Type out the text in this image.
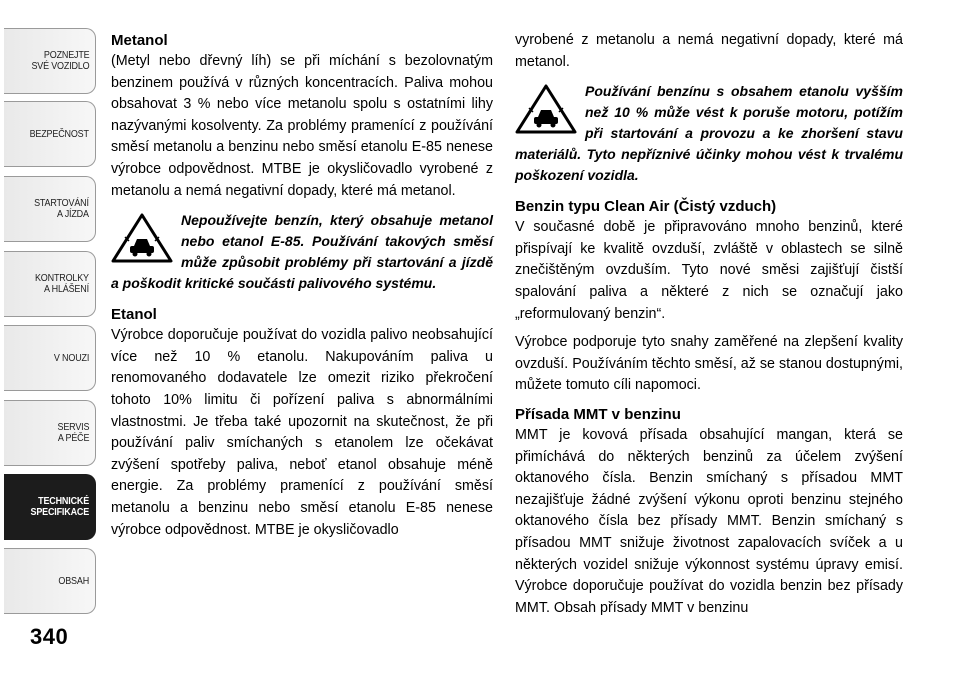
POZNEJTE
SVÉ VOZIDLO
BEZPEČNOST
STARTOVÁNÍ
A JÍZDA
KONTROLKY
A HLÁŠENÍ
V NOUZI
SERVIS
A PÉČE
TECHNICKÉ
SPECIFIKACE
OBSAH
340
Metanol

(Metyl nebo dřevný líh) se při míchání s bezolovnatým benzinem používá v různých koncentracích. Paliva mohou obsahovat 3 % nebo více metanolu spolu s ostatními lihy nazývanými kosolventy. Za problémy pramenící z používání směsí metanolu a benzinu nebo směsí etanolu E-85 nenese výrobce odpovědnost. MTBE je okysličovadlo vyrobené z metanolu a nemá negativní dopady, které má metanol.

Nepoužívejte benzín, který obsahuje metanol nebo etanol E-85. Používání takových směsí může způsobit problémy při startování a jízdě a poškodit kritické součásti palivového systému.

Etanol

Výrobce doporučuje používat do vozidla palivo neobsahující více než 10 % etanolu. Nakupováním paliva u renomovaného dodavatele lze omezit riziko překročení tohoto 10% limitu či pořízení paliva s abnormálními vlastnostmi. Je třeba také upozornit na skutečnost, že při používání paliv smíchaných s etanolem lze očekávat zvýšení spotřeby paliva, neboť etanol obsahuje méně energie. Za problémy pramenící z používání směsí metanolu a benzinu nebo směsí etanolu E-85 nenese výrobce odpovědnost. MTBE je okysličovadlo

vyrobené z metanolu a nemá negativní dopady, které má metanol.

Používání benzínu s obsahem etanolu vyšším než 10 % může vést k poruše motoru, potížím při startování a provozu a ke zhoršení stavu materiálů. Tyto nepříznivé účinky mohou vést k trvalému poškození vozidla.

Benzin typu Clean Air (Čistý vzduch)

V současné době je připravováno mnoho benzinů, které přispívají ke kvalitě ovzduší, zvláště v oblastech se silně znečištěným ovzduším. Tyto nové směsi zajišťují čistší spalování paliva a některé z nich se označují jako „reformulovaný benzin“.

Výrobce podporuje tyto snahy zaměřené na zlepšení kvality ovzduší. Používáním těchto směsí, až se stanou dostupnými, můžete tomuto cíli napomoci.

Přísada MMT v benzinu

MMT je kovová přísada obsahující mangan, která se přimíchává do některých benzinů za účelem zvýšení oktanového čísla. Benzin smíchaný s přísadou MMT nezajišťuje žádné zvýšení výkonu oproti benzinu stejného oktanového čísla bez přísady MMT. Benzin smíchaný s přísadou MMT snižuje životnost zapalovacích svíček a u některých vozidel snižuje výkonnost systému úpravy emisí. Výrobce doporučuje používat do vozidla benzin bez přísady MMT. Obsah přísady MMT v benzinu
